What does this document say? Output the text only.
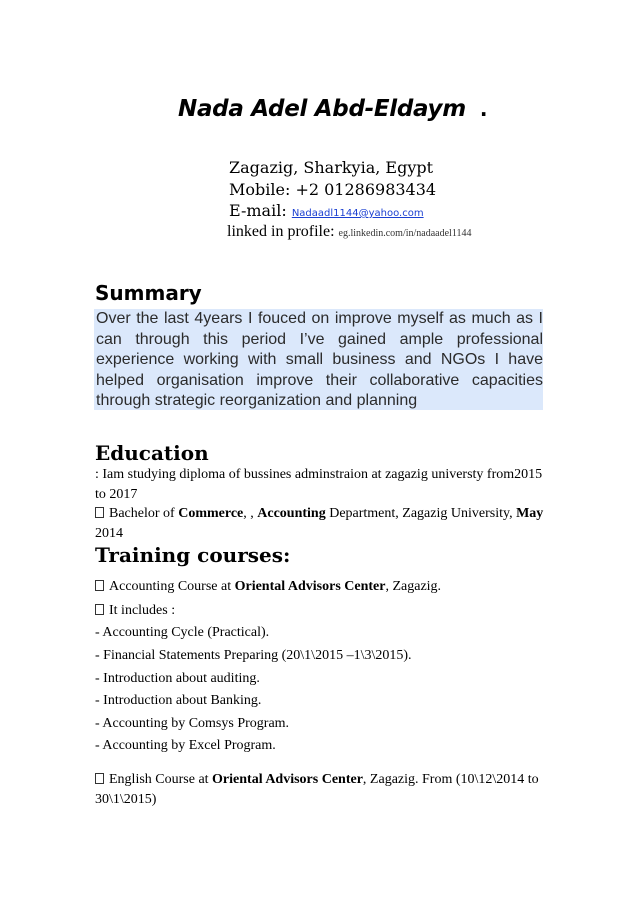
Nada Adel Abd-Eldaym .
Zagazig, Sharkyia, Egypt
Mobile: +2 01286983434
E-mail: Nadaadl1144@yahoo.com
linked in profile: eg.linkedin.com/in/nadaadel1144
Summary
Over the last 4years I fouced on improve myself as much as I can through this period I’ve gained ample professional experience working with small business and NGOs I have helped organisation improve their collaborative capacities through strategic reorganization and planning
Education
: Iam studying diploma of bussines adminstraion at zagazig universty from2015 to 2017
Bachelor of Commerce, , Accounting Department, Zagazig University, May 2014
Training courses:
Accounting Course at Oriental Advisors Center, Zagazig.
It includes :
- Accounting Cycle (Practical).
- Financial Statements Preparing (20\1\2015 –1\3\2015).
- Introduction about auditing.
- Introduction about Banking.
- Accounting by Comsys Program.
- Accounting by Excel Program.
English Course at Oriental Advisors Center, Zagazig. From (10\12\2014 to 30\1\2015)
